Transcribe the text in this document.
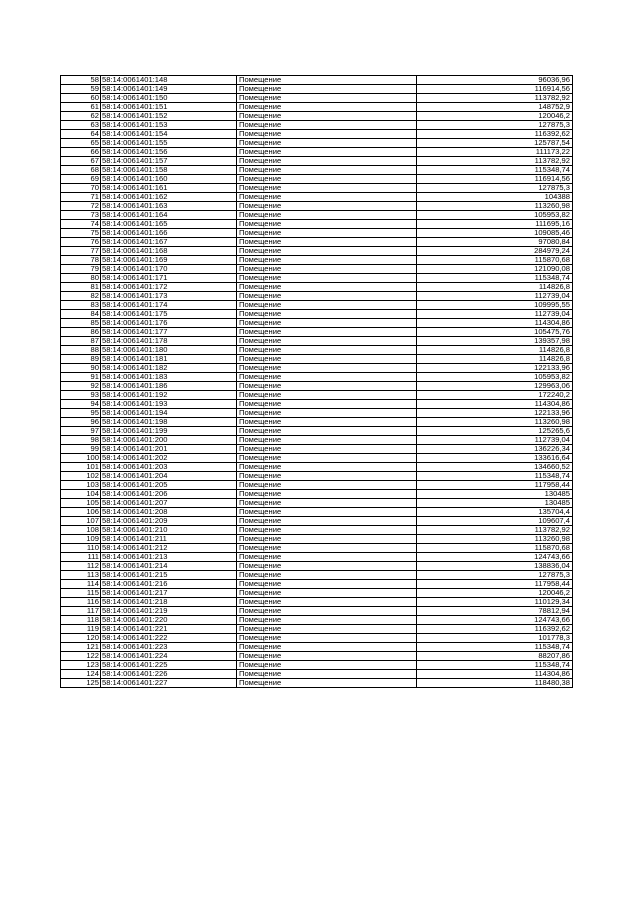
58	58:14:0061401:148	Помещение	96036,96
59	58:14:0061401:149	Помещение	116914,56
60	58:14:0061401:150	Помещение	113782,92
61	58:14:0061401:151	Помещение	148752,9
62	58:14:0061401:152	Помещение	120046,2
63	58:14:0061401:153	Помещение	127875,3
64	58:14:0061401:154	Помещение	116392,62
65	58:14:0061401:155	Помещение	125787,54
66	58:14:0061401:156	Помещение	111173,22
67	58:14:0061401:157	Помещение	113782,92
68	58:14:0061401:158	Помещение	115348,74
69	58:14:0061401:160	Помещение	116914,56
70	58:14:0061401:161	Помещение	127875,3
71	58:14:0061401:162	Помещение	104388
72	58:14:0061401:163	Помещение	113260,98
73	58:14:0061401:164	Помещение	105953,82
74	58:14:0061401:165	Помещение	111695,16
75	58:14:0061401:166	Помещение	109085,46
76	58:14:0061401:167	Помещение	97080,84
77	58:14:0061401:168	Помещение	284979,24
78	58:14:0061401:169	Помещение	115870,68
79	58:14:0061401:170	Помещение	121090,08
80	58:14:0061401:171	Помещение	115348,74
81	58:14:0061401:172	Помещение	114826,8
82	58:14:0061401:173	Помещение	112739,04
83	58:14:0061401:174	Помещение	109995,55
84	58:14:0061401:175	Помещение	112739,04
85	58:14:0061401:176	Помещение	114304,86
86	58:14:0061401:177	Помещение	105475,76
87	58:14:0061401:178	Помещение	139357,98
88	58:14:0061401:180	Помещение	114826,8
89	58:14:0061401:181	Помещение	114826,8
90	58:14:0061401:182	Помещение	122133,96
91	58:14:0061401:183	Помещение	105953,82
92	58:14:0061401:186	Помещение	129963,06
93	58:14:0061401:192	Помещение	172240,2
94	58:14:0061401:193	Помещение	114304,86
95	58:14:0061401:194	Помещение	122133,96
96	58:14:0061401:198	Помещение	113260,98
97	58:14:0061401:199	Помещение	125265,6
98	58:14:0061401:200	Помещение	112739,04
99	58:14:0061401:201	Помещение	136226,34
100	58:14:0061401:202	Помещение	133616,64
101	58:14:0061401:203	Помещение	134660,52
102	58:14:0061401:204	Помещение	115348,74
103	58:14:0061401:205	Помещение	117958,44
104	58:14:0061401:206	Помещение	130485
105	58:14:0061401:207	Помещение	130485
106	58:14:0061401:208	Помещение	135704,4
107	58:14:0061401:209	Помещение	109607,4
108	58:14:0061401:210	Помещение	113782,92
109	58:14:0061401:211	Помещение	113260,98
110	58:14:0061401:212	Помещение	115870,68
111	58:14:0061401:213	Помещение	124743,66
112	58:14:0061401:214	Помещение	138836,04
113	58:14:0061401:215	Помещение	127875,3
114	58:14:0061401:216	Помещение	117958,44
115	58:14:0061401:217	Помещение	120046,2
116	58:14:0061401:218	Помещение	110129,34
117	58:14:0061401:219	Помещение	78812,94
118	58:14:0061401:220	Помещение	124743,66
119	58:14:0061401:221	Помещение	116392,62
120	58:14:0061401:222	Помещение	101778,3
121	58:14:0061401:223	Помещение	115348,74
122	58:14:0061401:224	Помещение	88207,86
123	58:14:0061401:225	Помещение	115348,74
124	58:14:0061401:226	Помещение	114304,86
125	58:14:0061401:227	Помещение	118480,38
